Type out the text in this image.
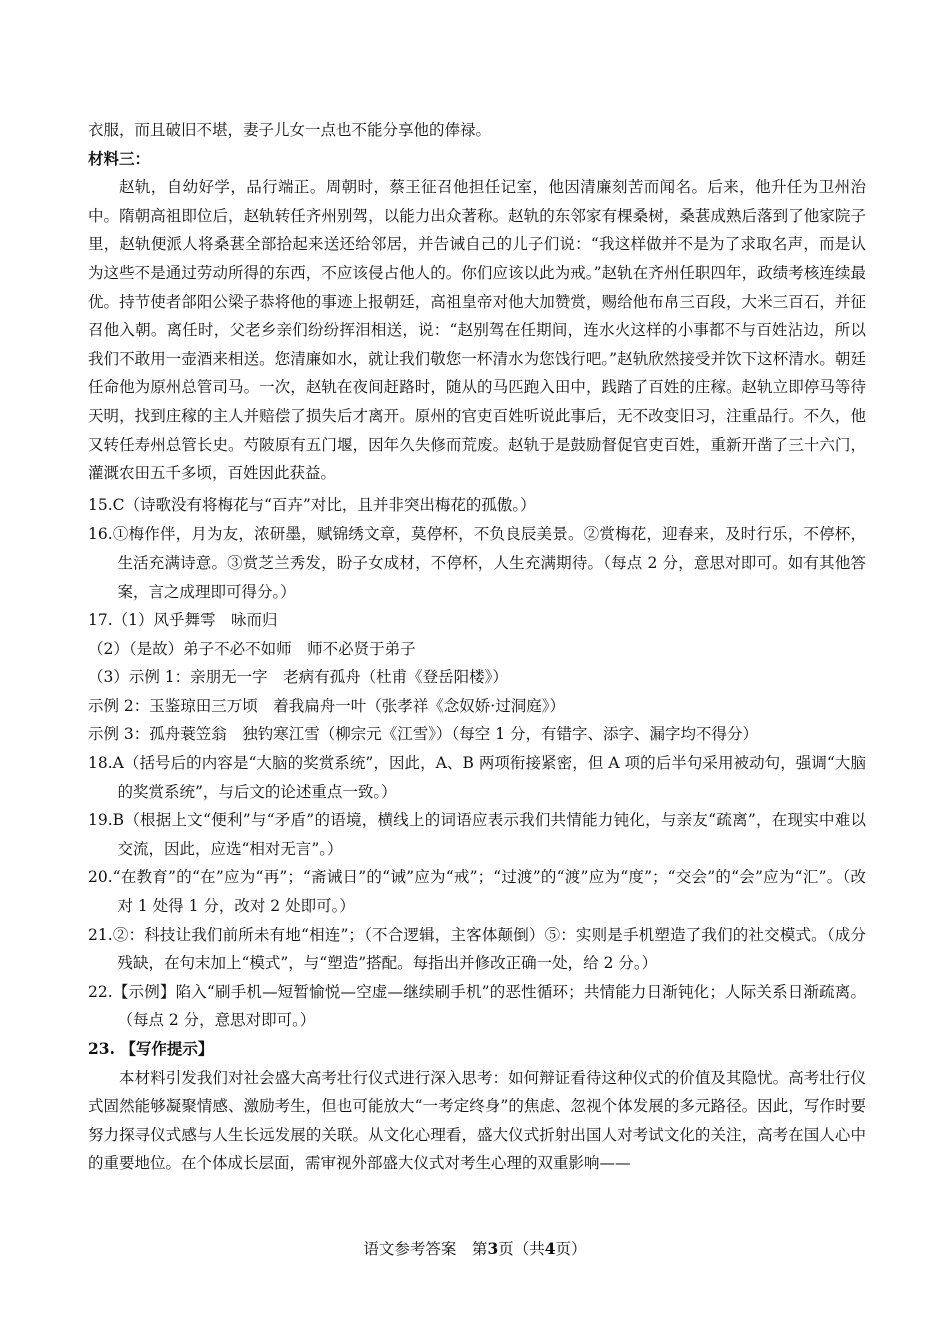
衣服，而且破旧不堪，妻子儿女一点也不能分享他的俸禄。

材料三：

赵轨，自幼好学，品行端正。周朝时，蔡王征召他担任记室，他因清廉刻苦而闻名。后来，他升任为卫州治中。隋朝高祖即位后，赵轨转任齐州别驾，以能力出众著称。赵轨的东邻家有棵桑树，桑葚成熟后落到了他家院子里，赵轨便派人将桑葚全部拾起来送还给邻居，并告诫自己的儿子们说：“我这样做并不是为了求取名声，而是认为这些不是通过劳动所得的东西，不应该侵占他人的。你们应该以此为戒。”赵轨在齐州任职四年，政绩考核连续最优。持节使者郃阳公梁子恭将他的事迹上报朝廷，高祖皇帝对他大加赞赏，赐给他布帛三百段，大米三百石，并征召他入朝。离任时，父老乡亲们纷纷挥泪相送，说：“赵别驾在任期间，连水火这样的小事都不与百姓沾边，所以我们不敢用一壶酒来相送。您清廉如水，就让我们敬您一杯清水为您饯行吧。”赵轨欣然接受并饮下这杯清水。朝廷任命他为原州总管司马。一次，赵轨在夜间赶路时，随从的马匹跑入田中，践踏了百姓的庄稼。赵轨立即停马等待天明，找到庄稼的主人并赔偿了损失后才离开。原州的官吏百姓听说此事后，无不改变旧习，注重品行。不久，他又转任寿州总管长史。芍陂原有五门堰，因年久失修而荒废。赵轨于是鼓励督促官吏百姓，重新开凿了三十六门，灌溉农田五千多顷，百姓因此获益。

15.C（诗歌没有将梅花与“百卉”对比，且并非突出梅花的孤傲。）

16.①梅作伴，月为友，浓研墨，赋锦绣文章，莫停杯，不负良辰美景。②赏梅花，迎春来，及时行乐，不停杯，生活充满诗意。③赏芝兰秀发，盼子女成材，不停杯，人生充满期待。（每点 2 分，意思对即可。如有其他答案，言之成理即可得分。）

17.（1）风乎舞雩　咏而归

（2）（是故）弟子不必不如师　师不必贤于弟子

（3）示例 1：亲朋无一字　老病有孤舟（杜甫《登岳阳楼》）

示例 2：玉鉴琼田三万顷　着我扁舟一叶（张孝祥《念奴娇·过洞庭》）

示例 3：孤舟蓑笠翁　独钓寒江雪（柳宗元《江雪》）（每空 1 分，有错字、添字、漏字均不得分）

18.A（括号后的内容是“大脑的奖赏系统”，因此，A、B 两项衔接紧密，但 A 项的后半句采用被动句，强调“大脑的奖赏系统”，与后文的论述重点一致。）

19.B（根据上文“便利”与“矛盾”的语境，横线上的词语应表示我们共情能力钝化，与亲友“疏离”，在现实中难以交流，因此，应选“相对无言”。）

20.“在教育”的“在”应为“再”；“斋诫日”的“诫”应为“戒”；“过渡”的“渡”应为“度”；“交会”的“会”应为“汇”。（改对 1 处得 1 分，改对 2 处即可。）

21.②：科技让我们前所未有地“相连”；（不合逻辑，主客体颠倒）⑤：实则是手机塑造了我们的社交模式。（成分残缺，在句末加上“模式”，与“塑造”搭配。每指出并修改正确一处，给 2 分。）

22.【示例】陷入“刷手机—短暂愉悦—空虚—继续刷手机”的恶性循环；共情能力日渐钝化；人际关系日渐疏离。（每点 2 分，意思对即可。）

23. 【写作提示】

本材料引发我们对社会盛大高考壮行仪式进行深入思考：如何辩证看待这种仪式的价值及其隐忧。高考壮行仪式固然能够凝聚情感、激励考生，但也可能放大“一考定终身”的焦虑、忽视个体发展的多元路径。因此，写作时要努力探寻仪式感与人生长远发展的关联。从文化心理看，盛大仪式折射出国人对考试文化的关注，高考在国人心中的重要地位。在个体成长层面，需审视外部盛大仪式对考生心理的双重影响——

语文参考答案　第3页（共4页）
